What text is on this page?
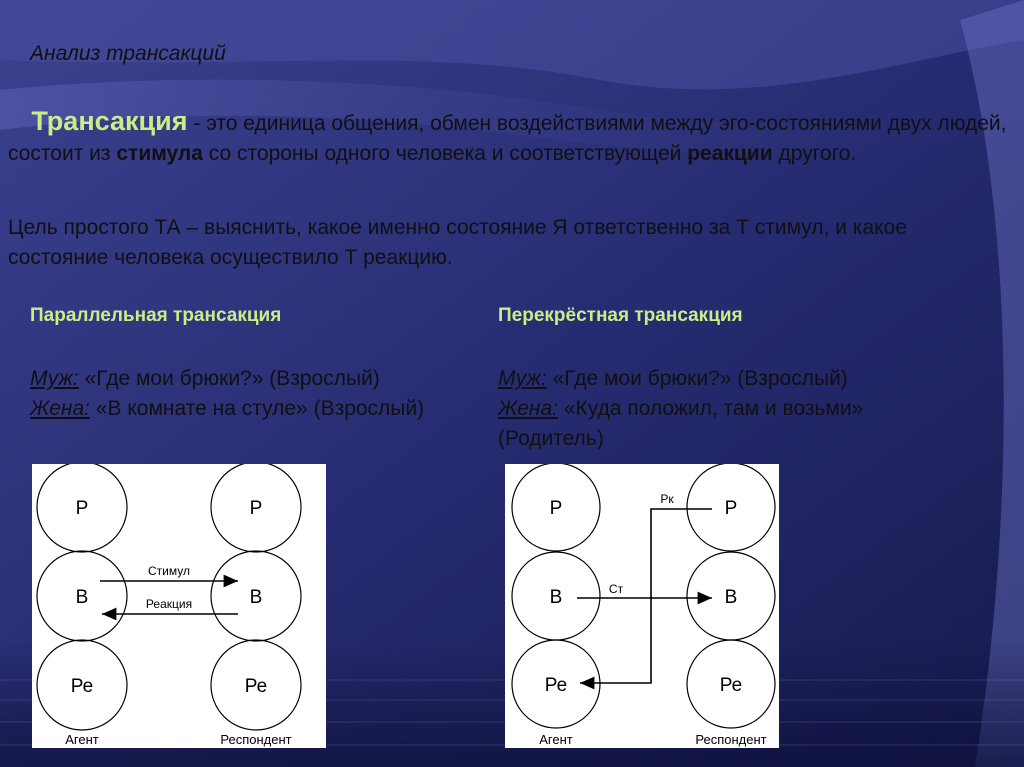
Анализ трансакций
Трансакция - это единица общения, обмен воздействиями между эго-состояниями двух людей, состоит из стимула со стороны одного человека и соответствующей реакции другого.
Цель простого ТА – выяснить, какое именно состояние Я ответственно за Т стимул, и какое состояние человека осуществило Т реакцию.
Параллельная трансакция
Муж: «Где мои брюки?» (Взрослый)
Жена: «В комнате на стуле» (Взрослый)
Перекрёстная трансакция
Муж: «Где мои брюки?» (Взрослый)
Жена: «Куда положил, там и возьми» (Родитель)
Р
В
Ре
Р
В
Ре
Стимул
Реакция
Агент	Респондент
Р
В
Ре
Р
В
Ре
Ст
Рк
Агент	Респондент
